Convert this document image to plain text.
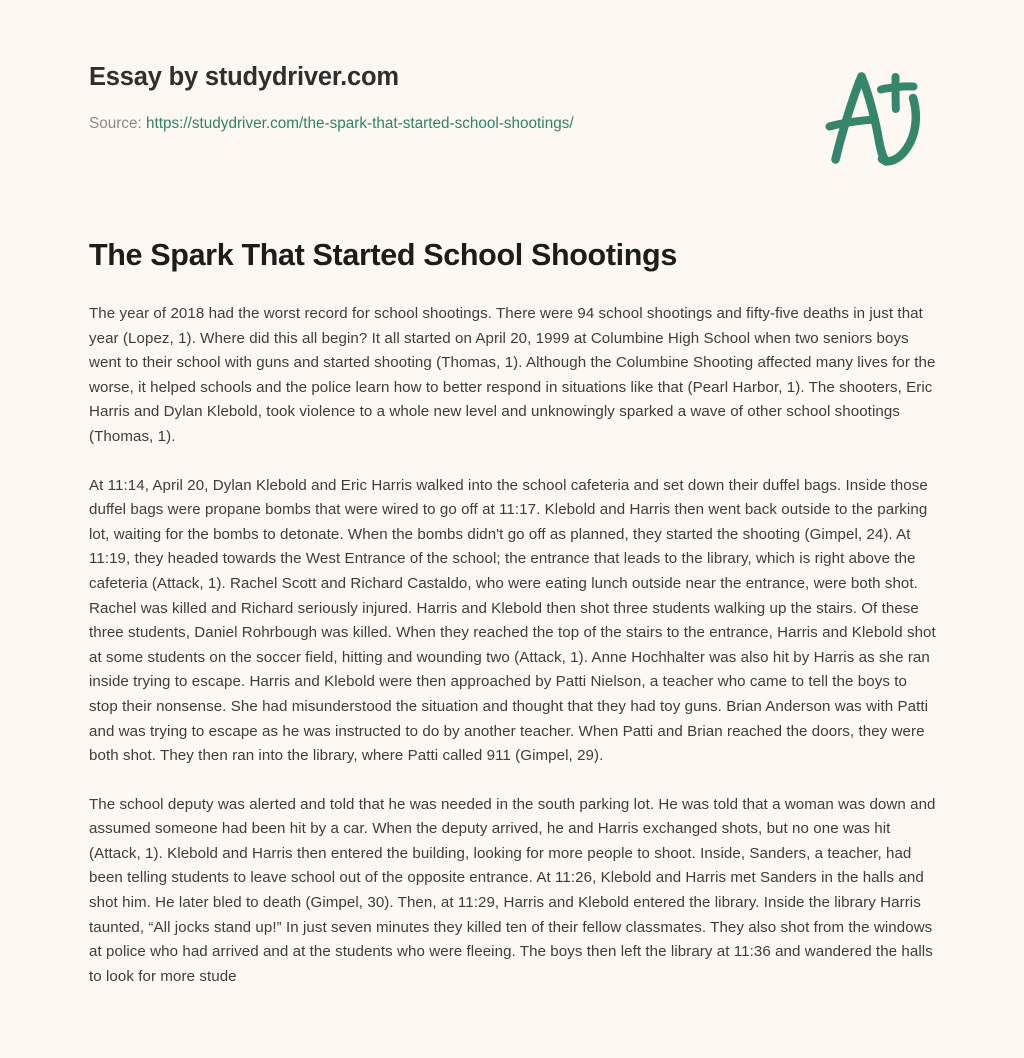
Essay by studydriver.com
Source: https://studydriver.com/the-spark-that-started-school-shootings/
The Spark That Started School Shootings

The year of 2018 had the worst record for school shootings. There were 94 school shootings and fifty-five deaths in just that year (Lopez, 1). Where did this all begin? It all started on April 20, 1999 at Columbine High School when two seniors boys went to their school with guns and started shooting (Thomas, 1). Although the Columbine Shooting affected many lives for the worse, it helped schools and the police learn how to better respond in situations like that (Pearl Harbor, 1). The shooters, Eric Harris and Dylan Klebold, took violence to a whole new level and unknowingly sparked a wave of other school shootings (Thomas, 1).

At 11:14, April 20, Dylan Klebold and Eric Harris walked into the school cafeteria and set down their duffel bags. Inside those duffel bags were propane bombs that were wired to go off at 11:17. Klebold and Harris then went back outside to the parking lot, waiting for the bombs to detonate. When the bombs didn't go off as planned, they started the shooting (Gimpel, 24). At 11:19, they headed towards the West Entrance of the school; the entrance that leads to the library, which is right above the cafeteria (Attack, 1). Rachel Scott and Richard Castaldo, who were eating lunch outside near the entrance, were both shot. Rachel was killed and Richard seriously injured. Harris and Klebold then shot three students walking up the stairs. Of these three students, Daniel Rohrbough was killed. When they reached the top of the stairs to the entrance, Harris and Klebold shot at some students on the soccer field, hitting and wounding two (Attack, 1). Anne Hochhalter was also hit by Harris as she ran inside trying to escape. Harris and Klebold were then approached by Patti Nielson, a teacher who came to tell the boys to stop their nonsense. She had misunderstood the situation and thought that they had toy guns. Brian Anderson was with Patti and was trying to escape as he was instructed to do by another teacher. When Patti and Brian reached the doors, they were both shot. They then ran into the library, where Patti called 911 (Gimpel, 29).

The school deputy was alerted and told that he was needed in the south parking lot. He was told that a woman was down and assumed someone had been hit by a car. When the deputy arrived, he and Harris exchanged shots, but no one was hit (Attack, 1). Klebold and Harris then entered the building, looking for more people to shoot. Inside, Sanders, a teacher, had been telling students to leave school out of the opposite entrance. At 11:26, Klebold and Harris met Sanders in the halls and shot him. He later bled to death (Gimpel, 30). Then, at 11:29, Harris and Klebold entered the library. Inside the library Harris taunted, “All jocks stand up!” In just seven minutes they killed ten of their fellow classmates. They also shot from the windows at police who had arrived and at the students who were fleeing. The boys then left the library at 11:36 and wandered the halls to look for more stude
